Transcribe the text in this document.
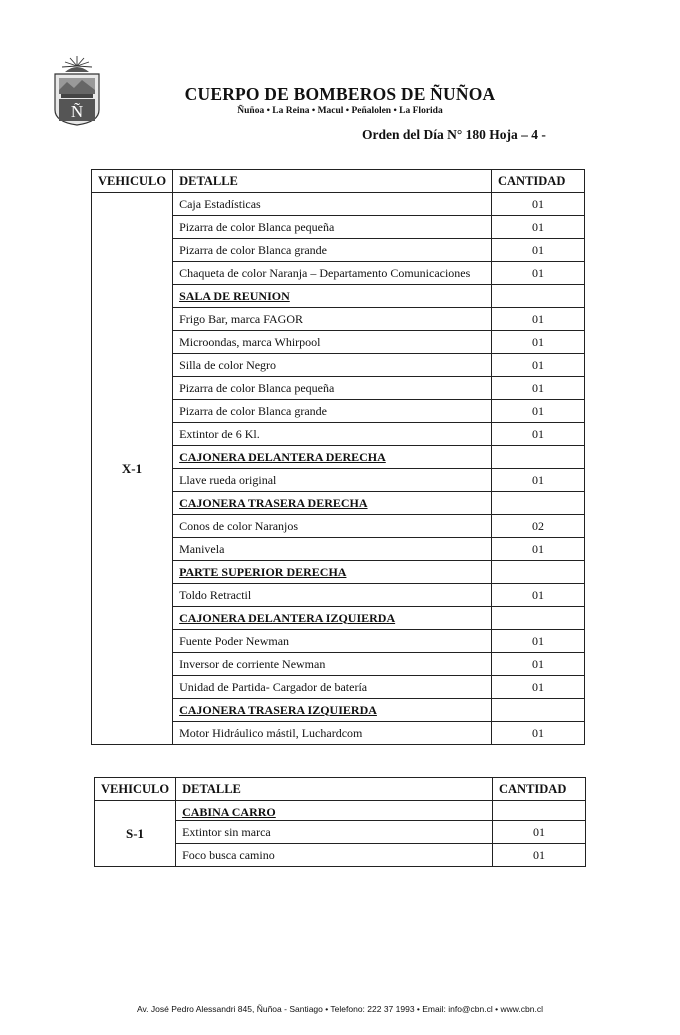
Ñ
CUERPO DE BOMBEROS DE ÑUÑOA
Ñuñoa • La Reina • Macul • Peñalolen • La Florida
Orden del Día N° 180 Hoja – 4 -
VEHICULO	DETALLE	CANTIDAD
X-1	Caja Estadísticas	01
	Pizarra de color Blanca pequeña	01
	Pizarra de color Blanca grande	01
	Chaqueta de color Naranja – Departamento Comunicaciones	01
	SALA DE REUNION	
	Frigo Bar, marca FAGOR	01
	Microondas, marca Whirpool	01
	Silla de color Negro	01
	Pizarra de color Blanca pequeña	01
	Pizarra de color Blanca grande	01
	Extintor de 6 Kl.	01
	CAJONERA DELANTERA DERECHA	
	Llave rueda original	01
	CAJONERA TRASERA DERECHA	
	Conos de color Naranjos	02
	Manivela	01
	PARTE SUPERIOR DERECHA	
	Toldo Retractil	01
	CAJONERA DELANTERA IZQUIERDA	
	Fuente Poder Newman	01
	Inversor de corriente Newman	01
	Unidad de Partida- Cargador de batería	01
	CAJONERA TRASERA IZQUIERDA	
	Motor Hidráulico mástil, Luchardcom	01
VEHICULO	DETALLE	CANTIDAD
S-1	CABINA CARRO	
	Extintor sin marca	01
	Foco busca camino	01
Av. José Pedro Alessandri 845, Ñuñoa - Santiago • Telefono: 222 37 1993 • Email: info@cbn.cl • www.cbn.cl
